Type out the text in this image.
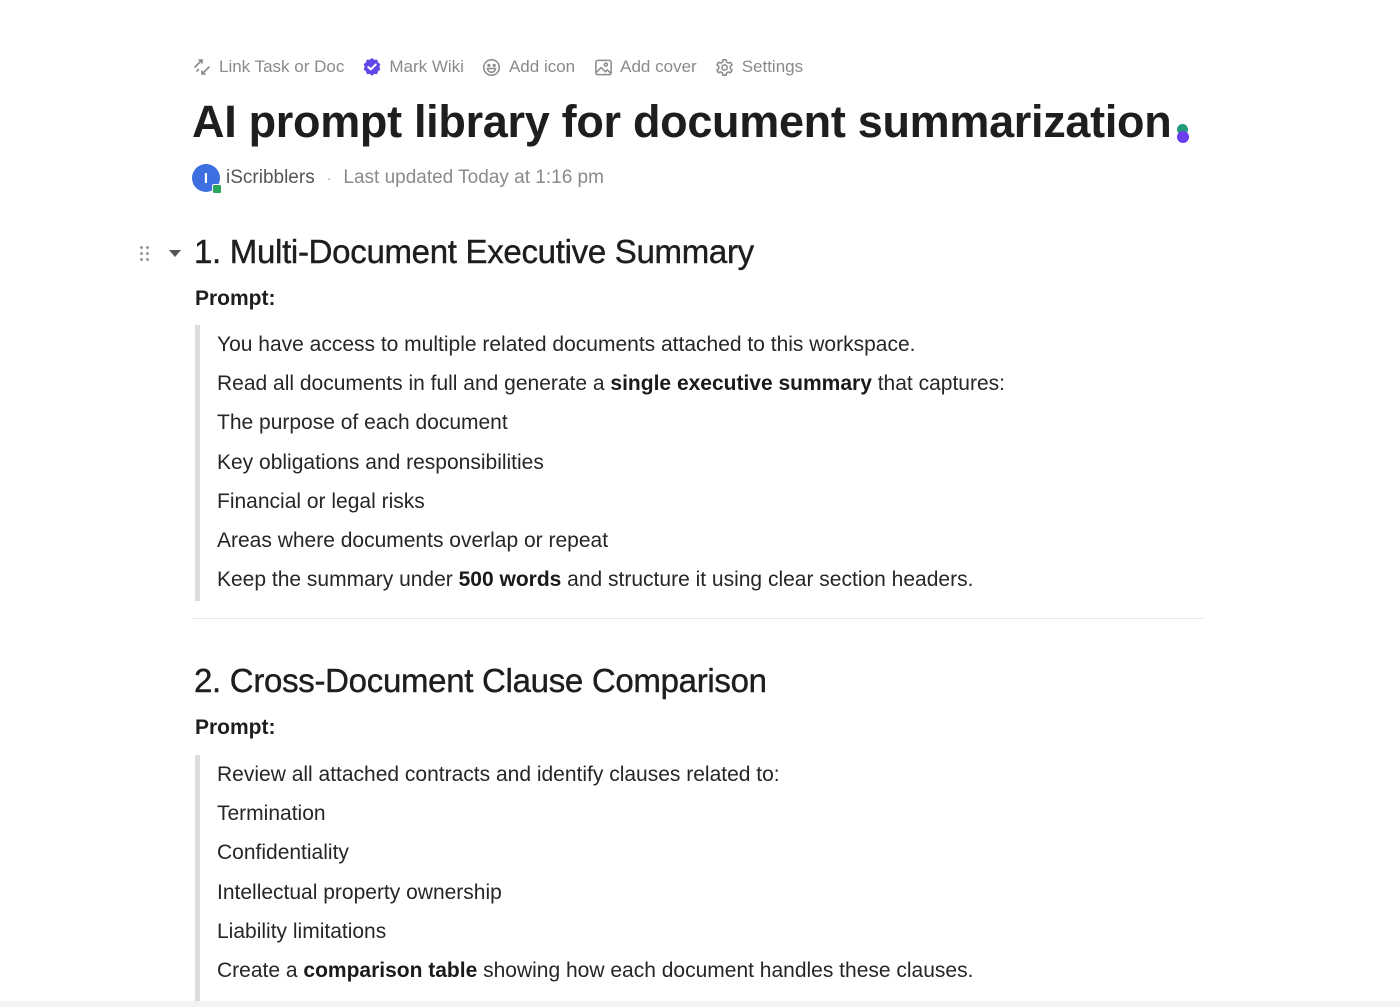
Link Task or Doc	Mark Wiki	Add icon	Add cover	Settings
AI prompt library for document summarization
I iScribblers · Last updated Today at 1:16 pm
1. Multi-Document Executive Summary
Prompt:

You have access to multiple related documents attached to this workspace.

Read all documents in full and generate a single executive summary that captures:

The purpose of each document

Key obligations and responsibilities

Financial or legal risks

Areas where documents overlap or repeat

Keep the summary under 500 words and structure it using clear section headers.

2. Cross-Document Clause Comparison
Prompt:

Review all attached contracts and identify clauses related to:

Termination

Confidentiality

Intellectual property ownership

Liability limitations

Create a comparison table showing how each document handles these clauses.
